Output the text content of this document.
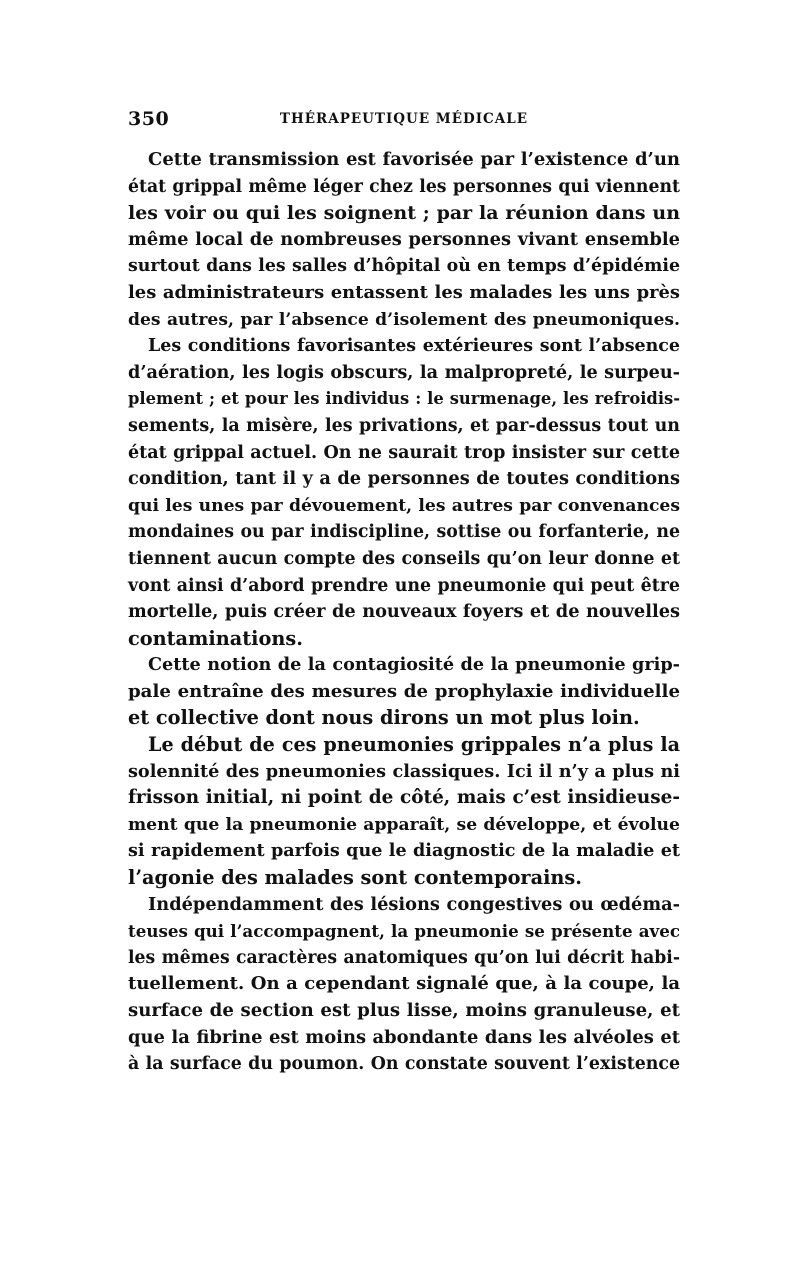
350	THÉRAPEUTIQUE MÉDICALE

Cette transmission est favorisée par l’existence d’un
état grippal même léger chez les personnes qui viennent
les voir ou qui les soignent ; par la réunion dans un
même local de nombreuses personnes vivant ensemble
surtout dans les salles d’hôpital où en temps d’épidémie
les administrateurs entassent les malades les uns près
des autres, par l’absence d’isolement des pneumoniques.

Les conditions favorisantes extérieures sont l’absence
d’aération, les logis obscurs, la malpropreté, le surpeu-
plement ; et pour les individus : le surmenage, les refroidis-
sements, la misère, les privations, et par-dessus tout un
état grippal actuel. On ne saurait trop insister sur cette
condition, tant il y a de personnes de toutes conditions
qui les unes par dévouement, les autres par convenances
mondaines ou par indiscipline, sottise ou forfanterie, ne
tiennent aucun compte des conseils qu’on leur donne et
vont ainsi d’abord prendre une pneumonie qui peut être
mortelle, puis créer de nouveaux foyers et de nouvelles
contaminations.

Cette notion de la contagiosité de la pneumonie grip-
pale entraîne des mesures de prophylaxie individuelle
et collective dont nous dirons un mot plus loin.

Le début de ces pneumonies grippales n’a plus la
solennité des pneumonies classiques. Ici il n’y a plus ni
frisson initial, ni point de côté, mais c’est insidieuse-
ment que la pneumonie apparaît, se développe, et évolue
si rapidement parfois que le diagnostic de la maladie et
l’agonie des malades sont contemporains.

Indépendamment des lésions congestives ou œdéma-
teuses qui l’accompagnent, la pneumonie se présente avec
les mêmes caractères anatomiques qu’on lui décrit habi-
tuellement. On a cependant signalé que, à la coupe, la
surface de section est plus lisse, moins granuleuse, et
que la fibrine est moins abondante dans les alvéoles et
à la surface du poumon. On constate souvent l’existence
